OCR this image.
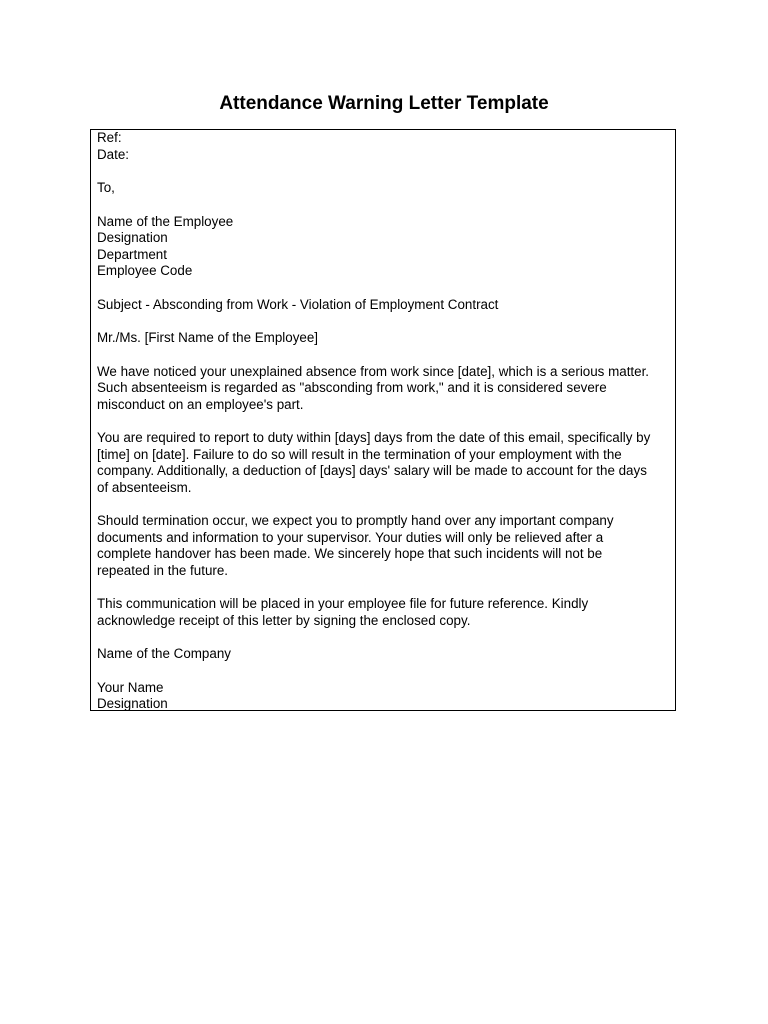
Attendance Warning Letter Template
Ref:
Date:
To,
Name of the Employee
Designation
Department
Employee Code
Subject - Absconding from Work - Violation of Employment Contract
Mr./Ms. [First Name of the Employee]
We have noticed your unexplained absence from work since [date], which is a serious matter.
Such absenteeism is regarded as "absconding from work," and it is considered severe
misconduct on an employee's part.
You are required to report to duty within [days] days from the date of this email, specifically by
[time] on [date]. Failure to do so will result in the termination of your employment with the
company. Additionally, a deduction of [days] days' salary will be made to account for the days
of absenteeism.
Should termination occur, we expect you to promptly hand over any important company
documents and information to your supervisor. Your duties will only be relieved after a
complete handover has been made. We sincerely hope that such incidents will not be
repeated in the future.
This communication will be placed in your employee file for future reference. Kindly
acknowledge receipt of this letter by signing the enclosed copy.
Name of the Company
Your Name
Designation
